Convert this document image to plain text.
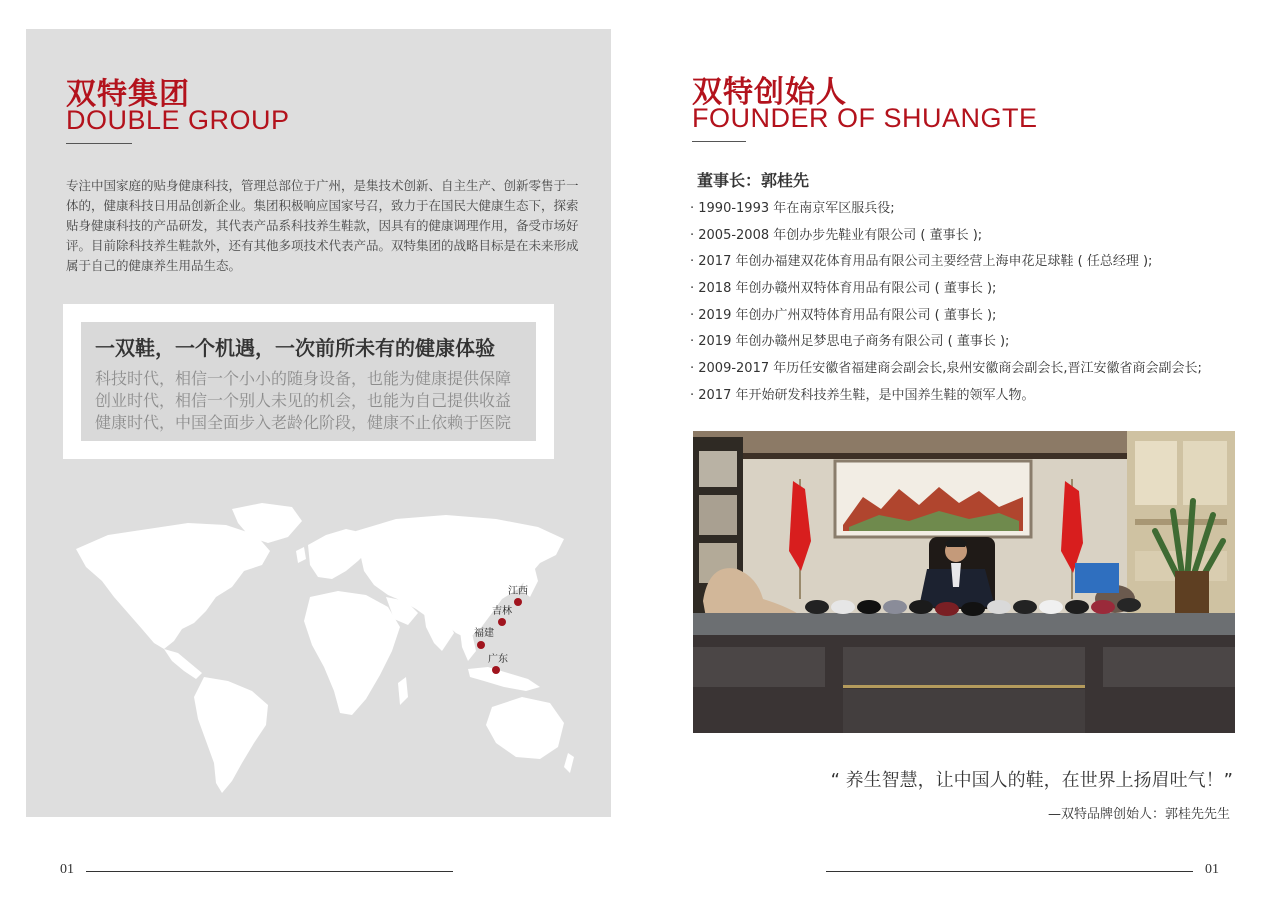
双特集团
DOUBLE GROUP
专注中国家庭的贴身健康科技，管理总部位于广州，是集技术创新、自主生产、创新零售于一体的，健康科技日用品创新企业。集团积极响应国家号召，致力于在国民大健康生态下，探索贴身健康科技的产品研发，其代表产品系科技养生鞋款，因具有的健康调理作用，备受市场好评。目前除科技养生鞋款外，还有其他多项技术代表产品。双特集团的战略目标是在未来形成属于自己的健康养生用品生态。
一双鞋，一个机遇，一次前所未有的健康体验
科技时代，相信一个小小的随身设备，也能为健康提供保障
创业时代，相信一个别人未见的机会，也能为自己提供收益
健康时代，中国全面步入老龄化阶段，健康不止依赖于医院
江西
吉林
福建
广东
01
双特创始人
FOUNDER OF SHUANGTE
董事长：郭桂先
· 1990-1993 年在南京军区服兵役;
· 2005-2008 年创办步先鞋业有限公司 ( 董事长 );
· 2017 年创办福建双花体育用品有限公司主要经营上海申花足球鞋 ( 任总经理 );
· 2018 年创办赣州双特体育用品有限公司 ( 董事长 );
· 2019 年创办广州双特体育用品有限公司 ( 董事长 );
· 2019 年创办赣州足梦思电子商务有限公司 ( 董事长 );
· 2009-2017 年历任安徽省福建商会副会长,泉州安徽商会副会长,晋江安徽省商会副会长;
· 2017 年开始研发科技养生鞋，是中国养生鞋的领军人物。
“ 养生智慧，让中国人的鞋，在世界上扬眉吐气！”
—双特品牌创始人：郭桂先先生
01
